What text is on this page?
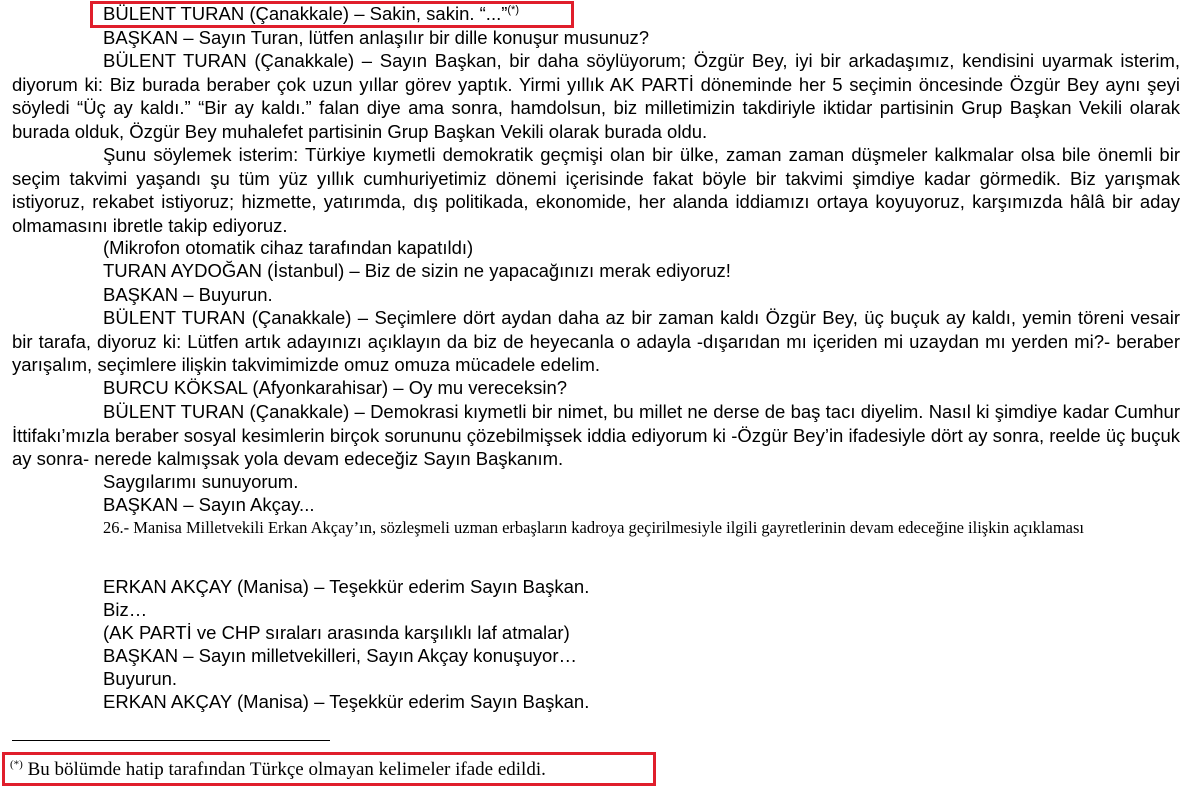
BÜLENT TURAN (Çanakkale) – Sakin, sakin. “...”(*)
BAŞKAN – Sayın Turan, lütfen anlaşılır bir dille konuşur musunuz?
BÜLENT TURAN (Çanakkale) – Sayın Başkan, bir daha söylüyorum; Özgür Bey, iyi bir arkadaşımız, kendisini uyarmak isterim, diyorum ki: Biz burada beraber çok uzun yıllar görev yaptık. Yirmi yıllık AK PARTİ döneminde her 5 seçimin öncesinde Özgür Bey aynı şeyi söyledi “Üç ay kaldı.” “Bir ay kaldı.” falan diye ama sonra, hamdolsun, biz milletimizin takdiriyle iktidar partisinin Grup Başkan Vekili olarak burada olduk, Özgür Bey muhalefet partisinin Grup Başkan Vekili olarak burada oldu.
Şunu söylemek isterim: Türkiye kıymetli demokratik geçmişi olan bir ülke, zaman zaman düşmeler kalkmalar olsa bile önemli bir seçim takvimi yaşandı şu tüm yüz yıllık cumhuriyetimiz dönemi içerisinde fakat böyle bir takvimi şimdiye kadar görmedik. Biz yarışmak istiyoruz, rekabet istiyoruz; hizmette, yatırımda, dış politikada, ekonomide, her alanda iddiamızı ortaya koyuyoruz, karşımızda hâlâ bir aday olmamasını ibretle takip ediyoruz.
(Mikrofon otomatik cihaz tarafından kapatıldı)
TURAN AYDOĞAN (İstanbul) – Biz de sizin ne yapacağınızı merak ediyoruz!
BAŞKAN – Buyurun.
BÜLENT TURAN (Çanakkale) – Seçimlere dört aydan daha az bir zaman kaldı Özgür Bey, üç buçuk ay kaldı, yemin töreni vesair bir tarafa, diyoruz ki: Lütfen artık adayınızı açıklayın da biz de heyecanla o adayla -dışarıdan mı içeriden mi uzaydan mı yerden mi?- beraber yarışalım, seçimlere ilişkin takvimimizde omuz omuza mücadele edelim.
BURCU KÖKSAL (Afyonkarahisar) – Oy mu vereceksin?
BÜLENT TURAN (Çanakkale) – Demokrasi kıymetli bir nimet, bu millet ne derse de baş tacı diyelim. Nasıl ki şimdiye kadar Cumhur İttifakı’mızla beraber sosyal kesimlerin birçok sorununu çözebilmişsek iddia ediyorum ki -Özgür Bey’in ifadesiyle dört ay sonra, reelde üç buçuk ay sonra- nerede kalmışsak yola devam edeceğiz Sayın Başkanım.
Saygılarımı sunuyorum.
BAŞKAN – Sayın Akçay...
26.- Manisa Milletvekili Erkan Akçay’ın, sözleşmeli uzman erbaşların kadroya geçirilmesiyle ilgili gayretlerinin devam edeceğine ilişkin açıklaması
ERKAN AKÇAY (Manisa) – Teşekkür ederim Sayın Başkan.
Biz…
(AK PARTİ ve CHP sıraları arasında karşılıklı laf atmalar)
BAŞKAN – Sayın milletvekilleri, Sayın Akçay konuşuyor…
Buyurun.
ERKAN AKÇAY (Manisa) – Teşekkür ederim Sayın Başkan.
(*) Bu bölümde hatip tarafından Türkçe olmayan kelimeler ifade edildi.
